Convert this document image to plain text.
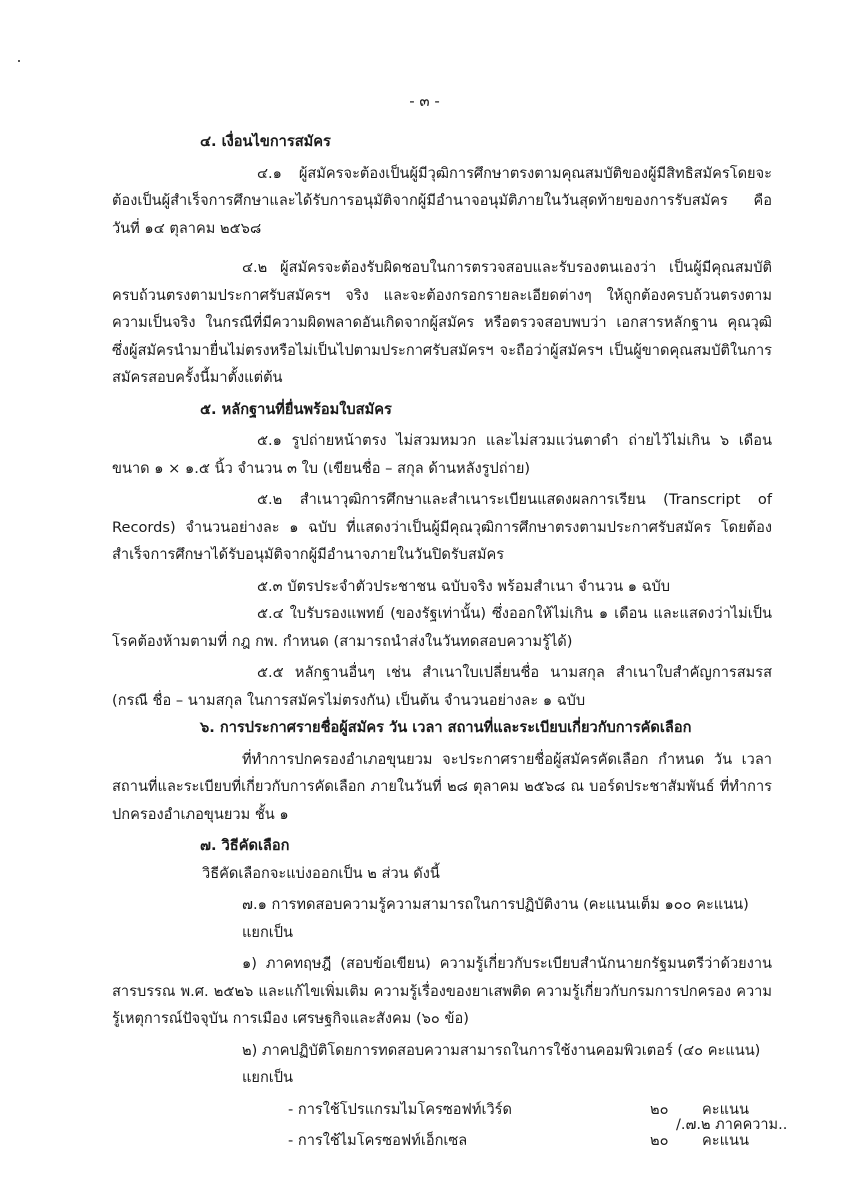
- ๓ -

๔. เงื่อนไขการสมัคร

๔.๑ ผู้สมัครจะต้องเป็นผู้มีวุฒิการศึกษาตรงตามคุณสมบัติของผู้มีสิทธิสมัครโดยจะต้องเป็นผู้สำเร็จการศึกษาและได้รับการอนุมัติจากผู้มีอำนาจอนุมัติภายในวันสุดท้ายของการรับสมัคร คือ วันที่ ๑๔ ตุลาคม ๒๕๖๘

๔.๒ ผู้สมัครจะต้องรับผิดชอบในการตรวจสอบและรับรองตนเองว่า เป็นผู้มีคุณสมบัติครบถ้วนตรงตามประกาศรับสมัครฯ จริง และจะต้องกรอกรายละเอียดต่างๆ ให้ถูกต้องครบถ้วนตรงตามความเป็นจริง ในกรณีที่มีความผิดพลาดอันเกิดจากผู้สมัคร หรือตรวจสอบพบว่า เอกสารหลักฐาน คุณวุฒิ ซึ่งผู้สมัครนำมายื่นไม่ตรงหรือไม่เป็นไปตามประกาศรับสมัครฯ จะถือว่าผู้สมัครฯ เป็นผู้ขาดคุณสมบัติในการสมัครสอบครั้งนี้มาตั้งแต่ต้น

๕. หลักฐานที่ยื่นพร้อมใบสมัคร

๕.๑ รูปถ่ายหน้าตรง ไม่สวมหมวก และไม่สวมแว่นตาดำ ถ่ายไว้ไม่เกิน ๖ เดือน ขนาด ๑ × ๑.๕ นิ้ว จำนวน ๓ ใบ (เขียนชื่อ – สกุล ด้านหลังรูปถ่าย)

๕.๒ สำเนาวุฒิการศึกษาและสำเนาระเบียนแสดงผลการเรียน (Transcript of Records) จำนวนอย่างละ ๑ ฉบับ ที่แสดงว่าเป็นผู้มีคุณวุฒิการศึกษาตรงตามประกาศรับสมัคร โดยต้องสำเร็จการศึกษาได้รับอนุมัติจากผู้มีอำนาจภายในวันปิดรับสมัคร

๕.๓ บัตรประจำตัวประชาชน ฉบับจริง พร้อมสำเนา จำนวน ๑ ฉบับ

๕.๔ ใบรับรองแพทย์ (ของรัฐเท่านั้น) ซึ่งออกให้ไม่เกิน ๑ เดือน และแสดงว่าไม่เป็นโรคต้องห้ามตามที่ กฎ กพ. กำหนด (สามารถนำส่งในวันทดสอบความรู้ได้)

๕.๕ หลักฐานอื่นๆ เช่น สำเนาใบเปลี่ยนชื่อ นามสกุล สำเนาใบสำคัญการสมรส (กรณี ชื่อ – นามสกุล ในการสมัครไม่ตรงกัน) เป็นต้น จำนวนอย่างละ ๑ ฉบับ

๖. การประกาศรายชื่อผู้สมัคร วัน เวลา สถานที่และระเบียบเกี่ยวกับการคัดเลือก

ที่ทำการปกครองอำเภอขุนยวม จะประกาศรายชื่อผู้สมัครคัดเลือก กำหนด วัน เวลา สถานที่และระเบียบที่เกี่ยวกับการคัดเลือก ภายในวันที่ ๒๘ ตุลาคม ๒๕๖๘ ณ บอร์ดประชาสัมพันธ์ ที่ทำการปกครองอำเภอขุนยวม ชั้น ๑

๗. วิธีคัดเลือก

วิธีคัดเลือกจะแบ่งออกเป็น ๒ ส่วน ดังนี้

๗.๑ การทดสอบความรู้ความสามารถในการปฏิบัติงาน (คะแนนเต็ม ๑๐๐ คะแนน) แยกเป็น

๑) ภาคทฤษฎี (สอบข้อเขียน) ความรู้เกี่ยวกับระเบียบสำนักนายกรัฐมนตรีว่าด้วยงานสารบรรณ พ.ศ. ๒๕๒๖ และแก้ไขเพิ่มเติม ความรู้เรื่องของยาเสพติด ความรู้เกี่ยวกับกรมการปกครอง ความรู้เหตุการณ์ปัจจุบัน การเมือง เศรษฐกิจและสังคม (๖๐ ข้อ)

๒) ภาคปฏิบัติโดยการทดสอบความสามารถในการใช้งานคอมพิวเตอร์ (๔๐ คะแนน) แยกเป็น

- การใช้โปรแกรมไมโครซอฟท์เวิร์ด	๒๐	คะแนน
- การใช้ไมโครซอฟท์เอ็กเซล	๒๐	คะแนน
/.๗.๒ ภาคความ..
